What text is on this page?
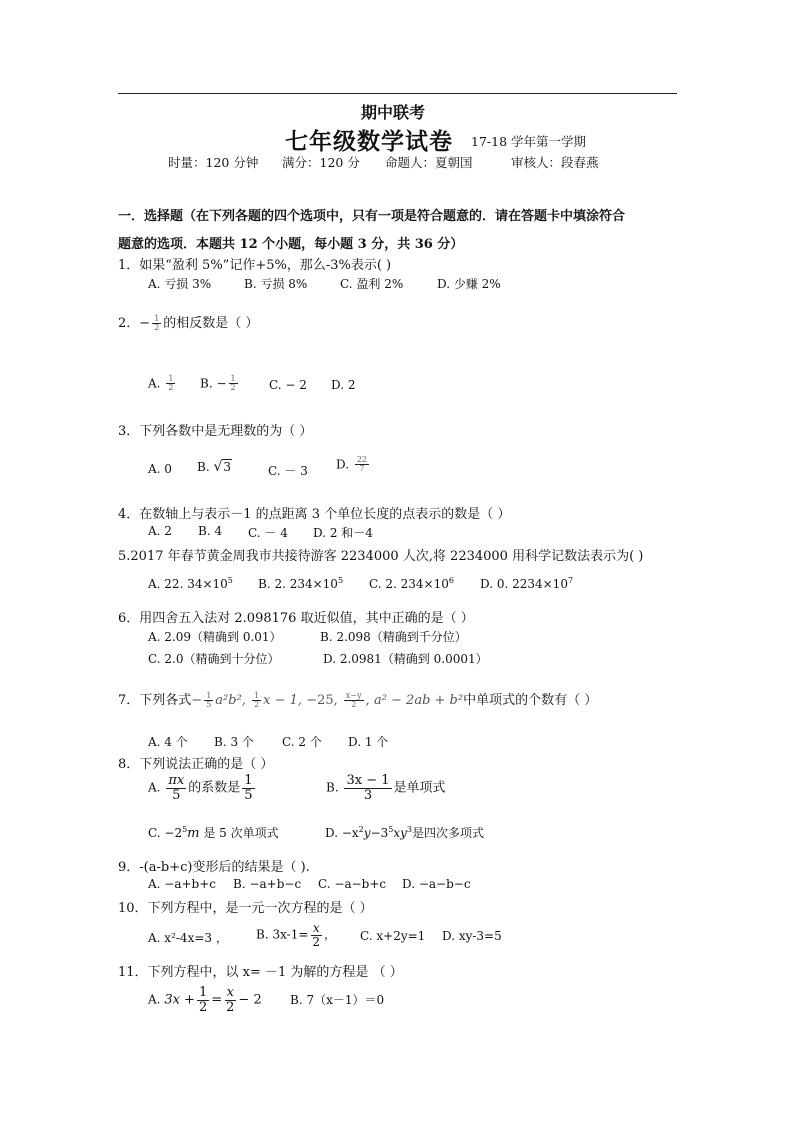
期中联考
七年级数学试卷 17-18 学年第一学期
时量：120 分钟 满分：120 分 命题人：夏朝国	审核人：段春燕
一．选择题（在下列各题的四个选项中，只有一项是符合题意的．请在答题卡中填涂符合
题意的选项．本题共 12 个小题，每小题 3 分，共 36 分）
1．如果“盈利 5%”记作+5%，那么-3%表示( )
A. 亏损 3%	B. 亏损 8%	C. 盈利 2%	D. 少赚 2%
2．− $\frac{1}{2}$ 的相反数是（ ）
A. $\frac{1}{2} B$. − $\frac{1}{2}$	C. − 2 D. 2
3．下列各数中是无理数的为（ ）
A. 0 B. √3	C. － 3 D. $\frac{22}{7}$
4．在数轴上与表示－1 的点距离 3 个单位长度的点表示的数是（ ）
A. 2 B. 4 C. － 4 D. 2 和－4
5.2017 年春节黄金周我市共接待游客 2234000 人次,将 2234000 用科学记数法表示为( )
A. 22. $34\times 10^5$ B. 2. $234\times 10^5$ C. 2. $234\times 10^6$ D. 0. $2234\times 10^7$
6．用四舍五入法对 2.098176 取近似值，其中正确的是（ ）
A. 2.09（精确到 0.01）	B. 2.098（精确到千分位）
C. 2.0（精确到十分位）	D. 2.0981（精确到 0.0001）
7．下列各式− $\frac{1}{5} a^2b^2$, $\frac{1}{2}$ x − 1, −25, $\frac{x-y}{2}$ , a² − 2ab + b²中单项式的个数有（ ）
A. 4 个 B. 3 个 C. 2 个 D. 1 个
8．下列说法正确的是（ ）
A. $\frac{\pi x}{5}$ 的系数是 $\frac{1}{5}$	B. $\frac{3x - 1}{3}$ 是单项式
C. $-2^5m$ 是 5 次单项式	D. $-x^2y-3^5xy^3$是四次多项式
9．-(a-b+c)变形后的结果是（ ).
A. −a+b+c B. −a+b−c C. −a−b+c D. −a−b−c
10．下列方程中，是一元一次方程的是（ ）
A. x²-4x=3 ， B. $3x-1= \frac{x}{2}$ ， C. x+2y=1 D. xy-3=5
11．下列方程中，以 x= －1 为解的方程是 （ ）
A. $3x + \frac{1}{2} = \frac{x}{2} - 2$ B. 7（x－1）＝0
